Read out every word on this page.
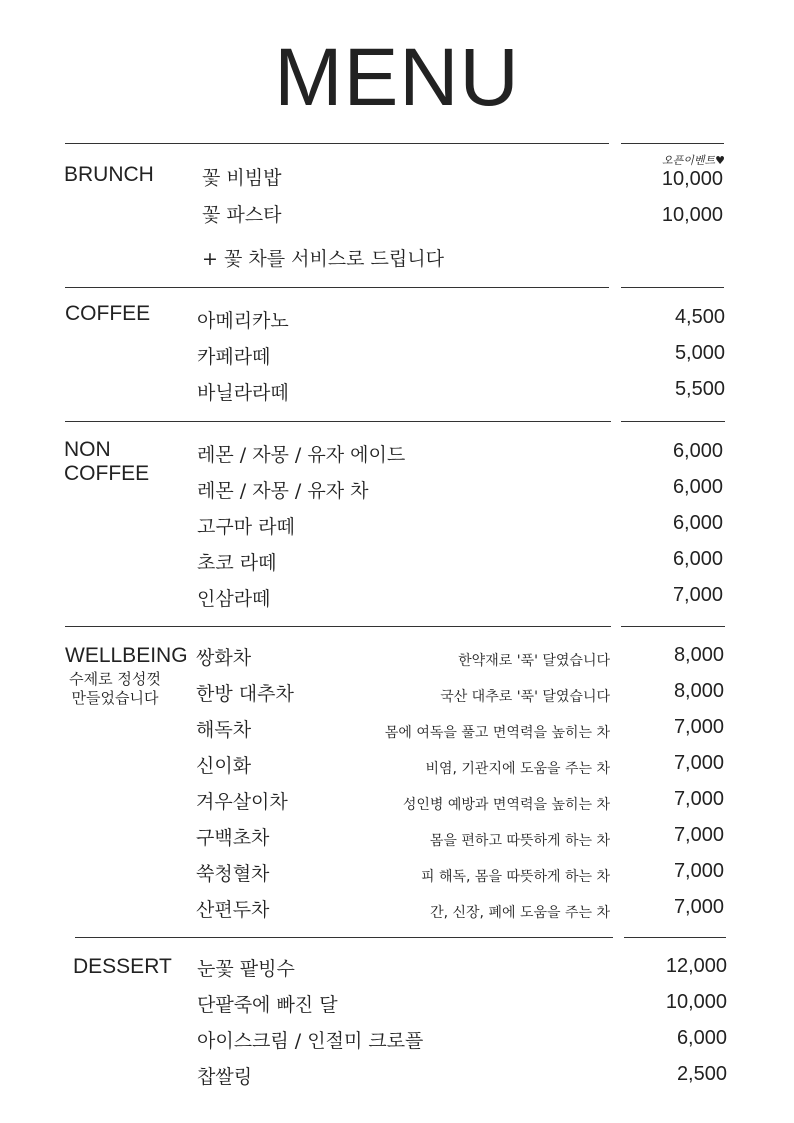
MENU
BRUNCH
오픈이벤트♥
꽃 비빔밥	10,000
꽃 파스타	10,000
+ 꽃 차를 서비스로 드립니다
COFFEE 아메리카노	4,500
카페라떼	5,000
바닐라라떼	5,500
NON
COFFEE
레몬 / 자몽 / 유자 에이드	6,000
레몬 / 자몽 / 유자 차	6,000
고구마 라떼	6,000
초코 라떼	6,000
인삼라떼	7,000
WELLBEING
수제로 정성껏
만들었습니다
쌍화차	한약재로 '푹' 달였습니다	8,000
한방 대추차	국산 대추로 '푹' 달였습니다	8,000
해독차	몸에 여독을 풀고 면역력을 높히는 차	7,000
신이화	비염, 기관지에 도움을 주는 차	7,000
겨우살이차	성인병 예방과 면역력을 높히는 차	7,000
구백초차	몸을 편하고 따뜻하게 하는 차	7,000
쑥청혈차	피 해독, 몸을 따뜻하게 하는 차	7,000
산편두차	간, 신장, 폐에 도움을 주는 차	7,000
DESSERT 눈꽃 팥빙수	12,000
단팥죽에 빠진 달	10,000
아이스크림 / 인절미 크로플	6,000
찹쌀링	2,500
